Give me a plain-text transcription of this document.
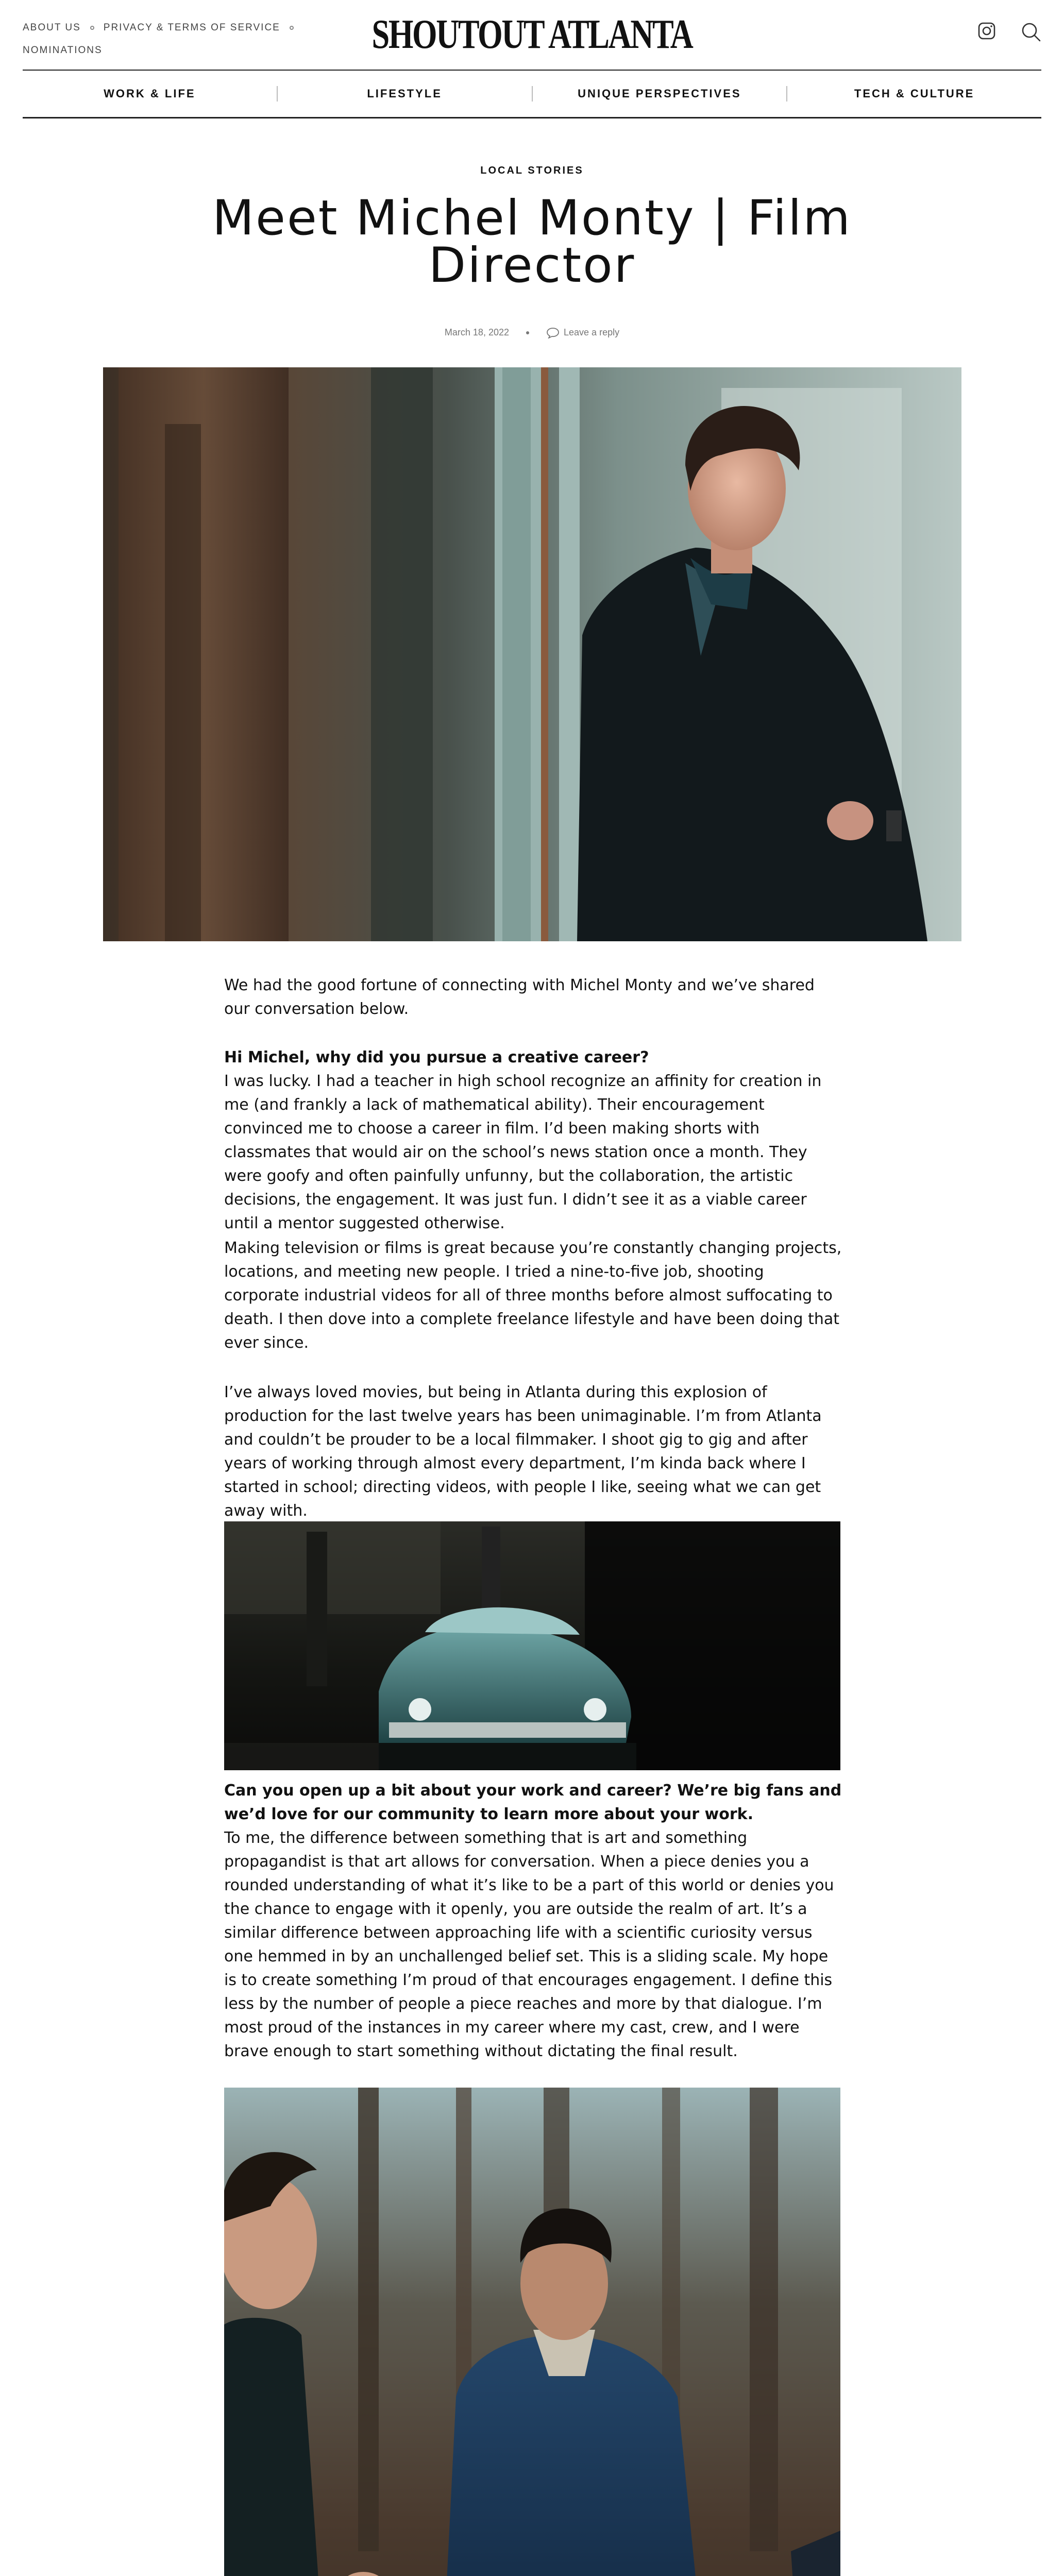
ABOUT US PRIVACY & TERMS OF SERVICE
NOMINATIONS	SHOUTOUT ATLANTA
WORK & LIFE	LIFESTYLE	UNIQUE PERSPECTIVES	TECH & CULTURE
LOCAL STORIES
Meet Michel Monty | Film Director
March 18, 2022	Leave a reply

We had the good fortune of connecting with Michel Monty and we’ve shared our conversation below.

Hi Michel, why did you pursue a creative career?

I was lucky. I had a teacher in high school recognize an affinity for creation in me (and frankly a lack of mathematical ability). Their encouragement convinced me to choose a career in film. I’d been making shorts with classmates that would air on the school’s news station once a month. They were goofy and often painfully unfunny, but the collaboration, the artistic decisions, the engagement. It was just fun. I didn’t see it as a viable career until a mentor suggested otherwise.

Making television or films is great because you’re constantly changing projects, locations, and meeting new people. I tried a nine-to-five job, shooting corporate industrial videos for all of three months before almost suffocating to death. I then dove into a complete freelance lifestyle and have been doing that ever since.

I’ve always loved movies, but being in Atlanta during this explosion of production for the last twelve years has been unimaginable. I’m from Atlanta

and couldn’t be prouder to be a local filmmaker. I shoot gig to gig and after years of working through almost every department, I’m kinda back where I started in school; directing videos, with people I like, seeing what we can get away with.

Can you open up a bit about your work and career? We’re big fans and we’d love for our community to learn more about your work.

To me, the difference between something that is art and something propagandist is that art allows for conversation. When a piece denies you a rounded understanding of what it’s like to be a part of this world or denies you the chance to engage with it openly, you are outside the realm of art. It’s a similar difference between approaching life with a scientific curiosity versus one hemmed in by an unchallenged belief set. This is a sliding scale. My hope is to create something I’m proud of that encourages engagement. I define this less by the number of people a piece reaches and more by that dialogue. I’m most proud of the instances in my career where my cast, crew, and I were brave enough to start something without dictating the final result.
